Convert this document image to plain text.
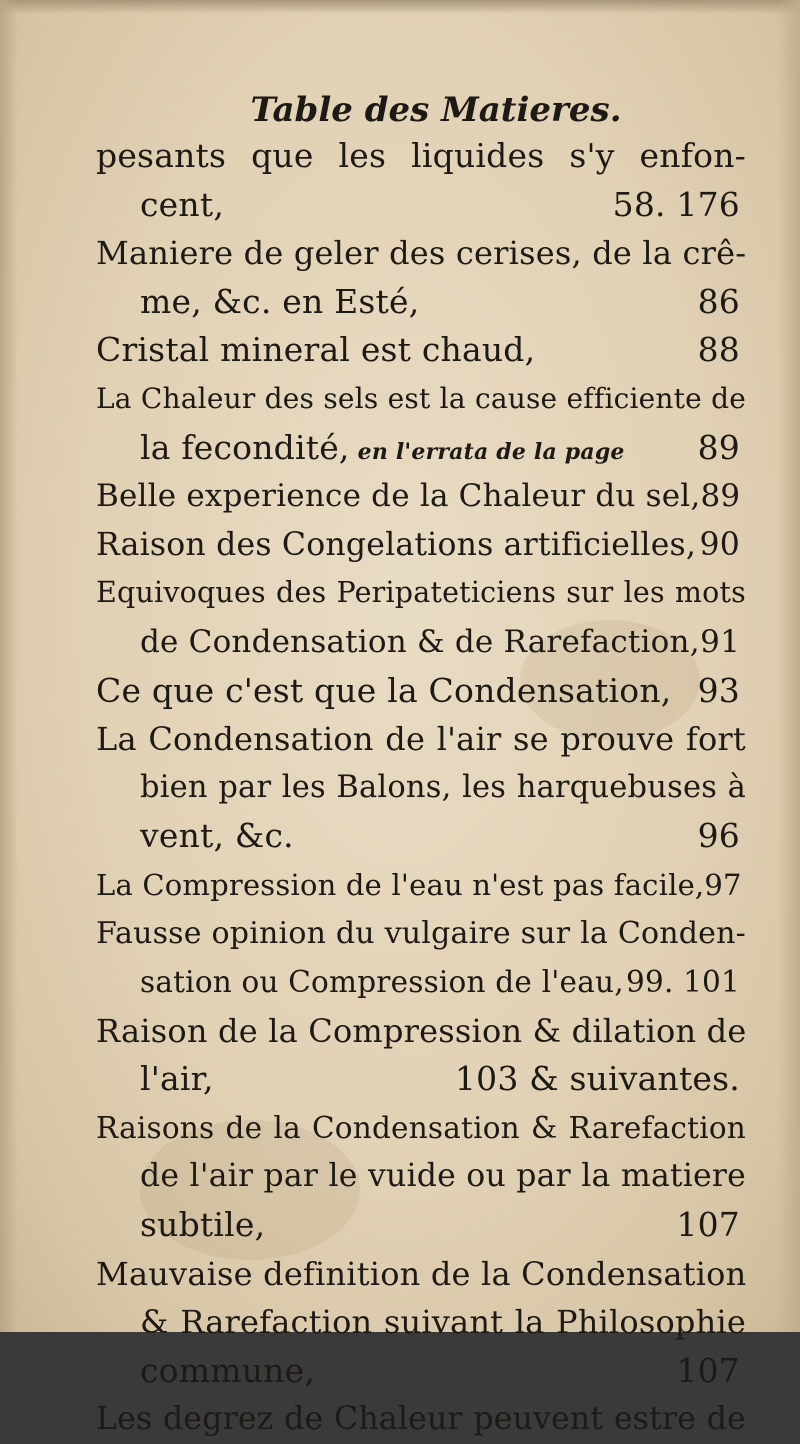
Table des Matieres.
pesants que les liquides s'y enfon-
cent,	58. 176
Maniere de geler des cerises, de la crê-
me, &c. en Esté,	86
Cristal mineral est chaud,	88
La Chaleur des sels est la cause efficiente de
la fecondité, en l'errata de la page 89
Belle experience de la Chaleur du sel, 89
Raison des Congelations artificielles, 90
Equivoques des Peripateticiens sur les mots
de Condensation & de Rarefaction, 91
Ce que c'est que la Condensation, 93
La Condensation de l'air se prouve fort
bien par les Balons, les harquebuses à
vent, &c.	96
La Compression de l'eau n'est pas facile,97
Fausse opinion du vulgaire sur la Conden-
sation ou Compression de l'eau, 99. 101
Raison de la Compression & dilation de
l'air,	103 & suivantes.
Raisons de la Condensation & Rarefaction
de l'air par le vuide ou par la matiere
subtile,	107
Mauvaise definition de la Condensation
& Rarefaction suivant la Philosophie
commune,	107
Les degrez de Chaleur peuvent estre de
